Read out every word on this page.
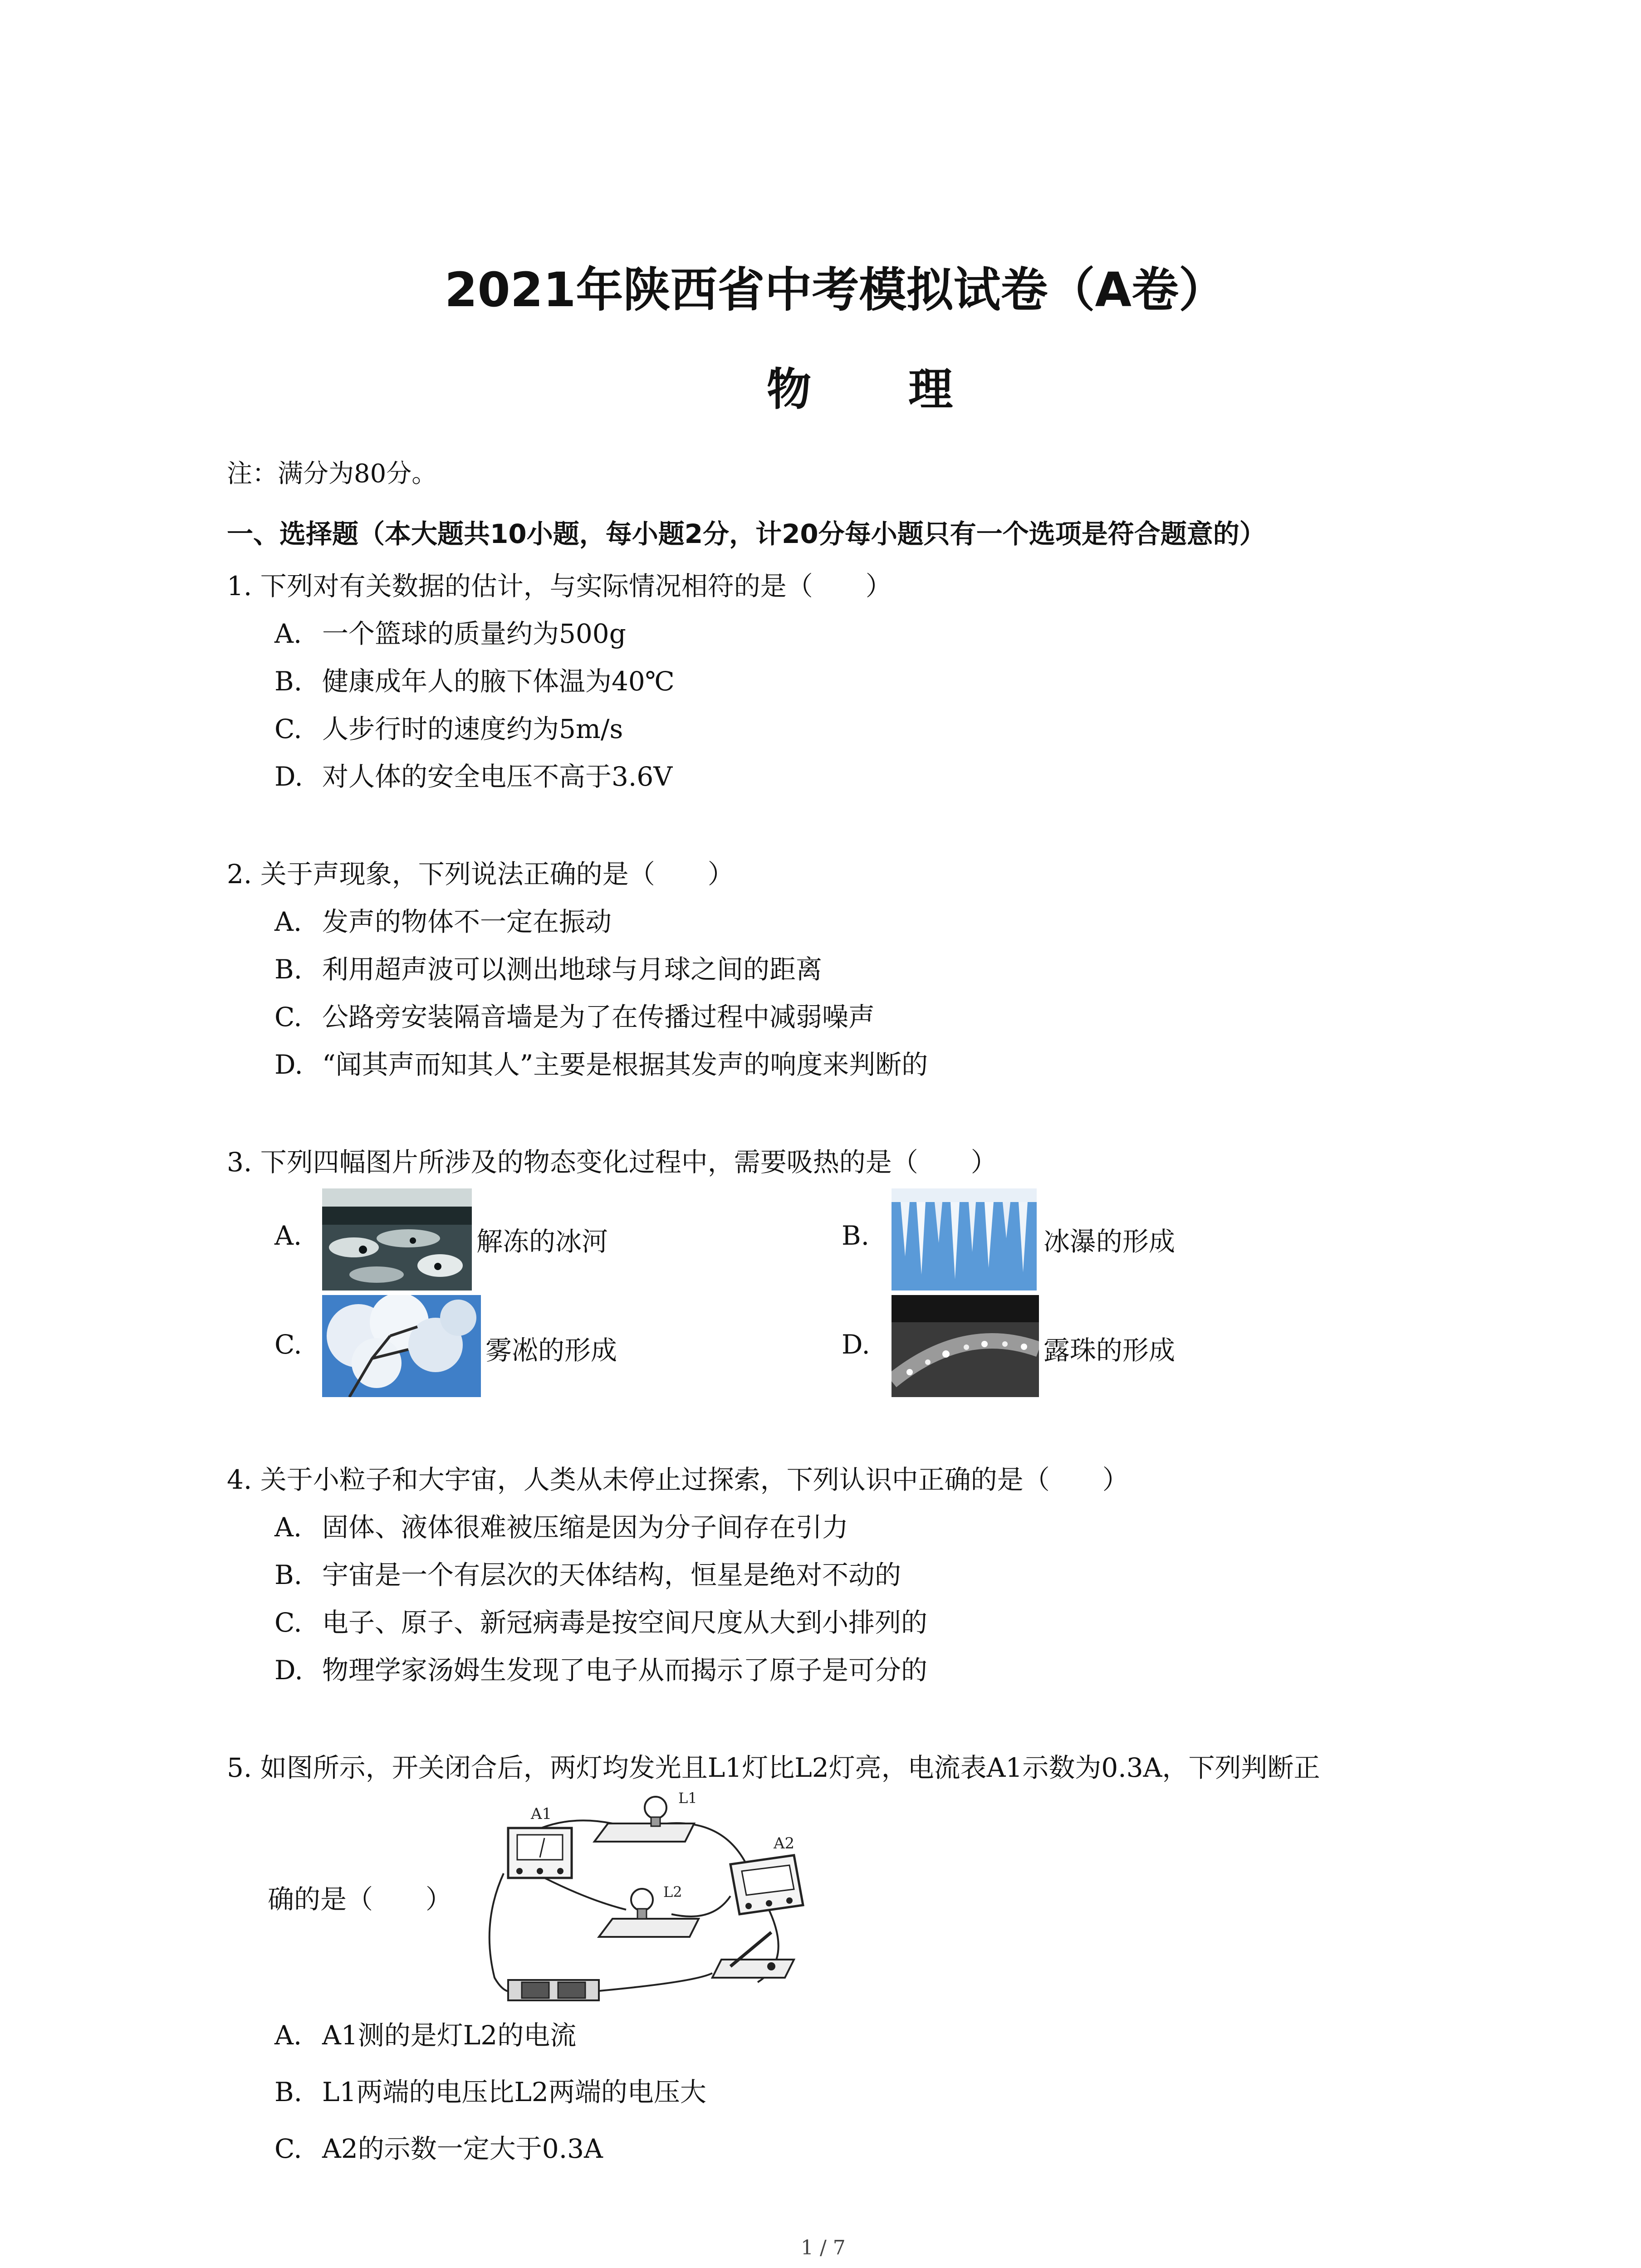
2021年陕西省中考模拟试卷（A卷）
物 理
注：满分为80分。
一、选择题（本大题共10小题，每小题2分，计20分每小题只有一个选项是符合题意的）
1. 下列对有关数据的估计，与实际情况相符的是（　　）
A. 一个篮球的质量约为500g
B. 健康成年人的腋下体温为40℃
C. 人步行时的速度约为5m/s
D. 对人体的安全电压不高于3.6V
2. 关于声现象，下列说法正确的是（　　）
A. 发声的物体不一定在振动
B. 利用超声波可以测出地球与月球之间的距离
C. 公路旁安装隔音墙是为了在传播过程中减弱噪声
D. “闻其声而知其人”主要是根据其发声的响度来判断的
3. 下列四幅图片所涉及的物态变化过程中，需要吸热的是（　　）
A.	解冻的冰河	B.	冰瀑的形成
C.	雾凇的形成	D.	露珠的形成
4. 关于小粒子和大宇宙，人类从未停止过探索，下列认识中正确的是（　　）
A. 固体、液体很难被压缩是因为分子间存在引力
B. 宇宙是一个有层次的天体结构，恒星是绝对不动的
C. 电子、原子、新冠病毒是按空间尺度从大到小排列的
D. 物理学家汤姆生发现了电子从而揭示了原子是可分的
5. 如图所示，开关闭合后，两灯均发光且L1灯比L2灯亮，电流表A1示数为0.3A，下列判断正
确的是（　　）
A1
L1
L2
A2
A. A1测的是灯L2的电流
B. L1两端的电压比L2两端的电压大
C. A2的示数一定大于0.3A
1 / 7
